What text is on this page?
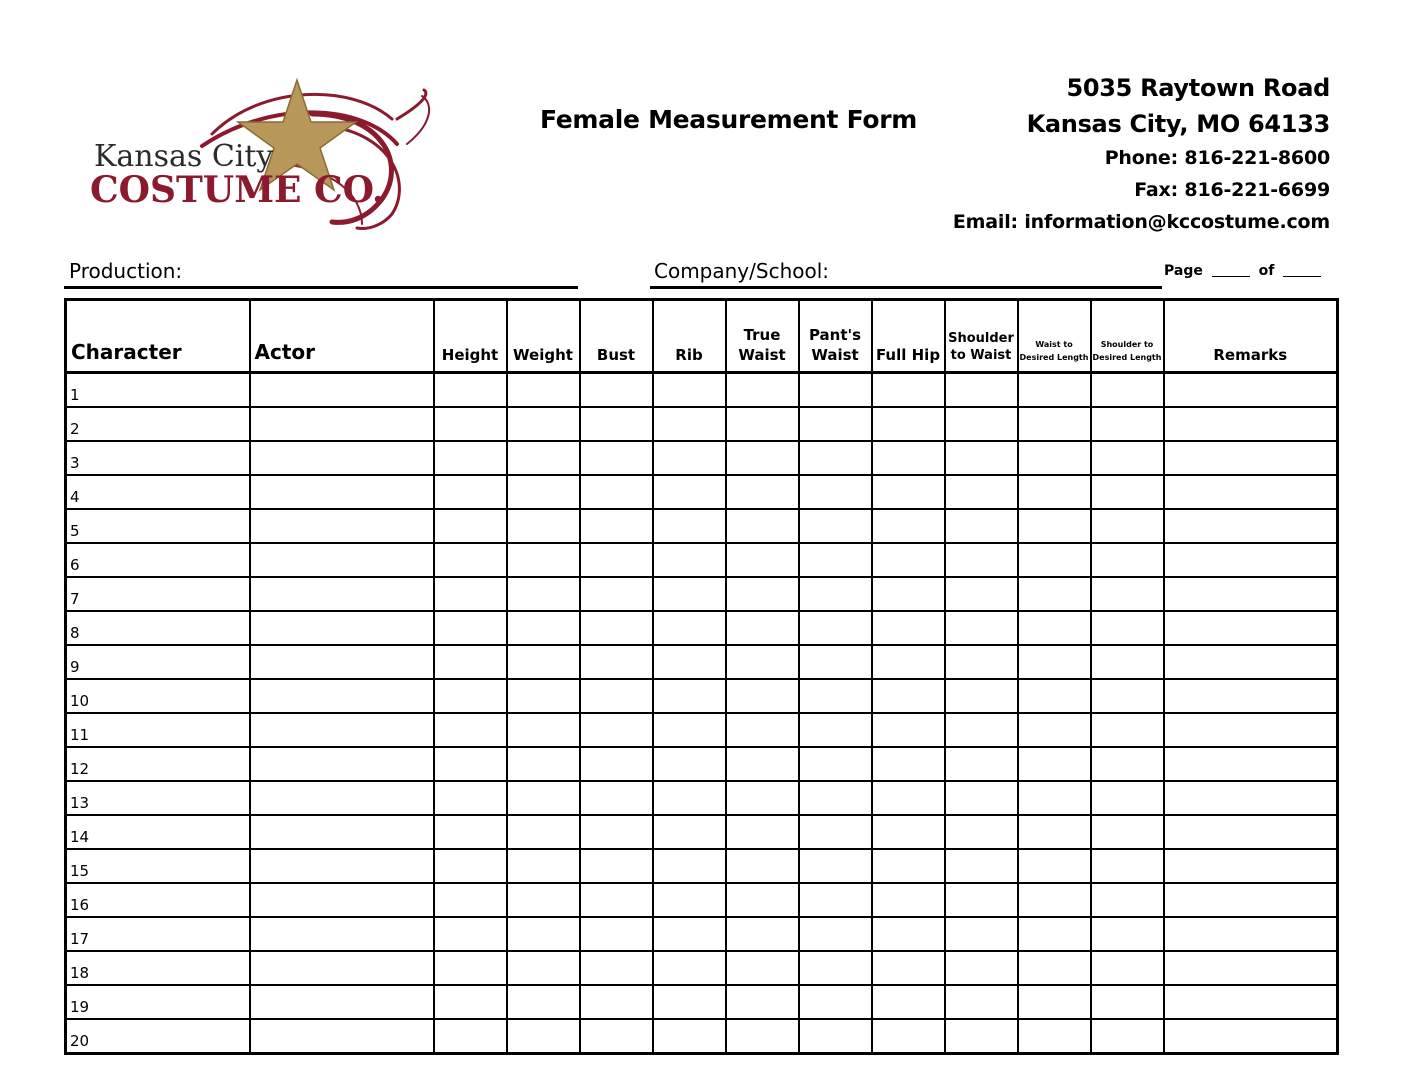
Kansas City
COSTUME CO.
Female Measurement Form
5035 Raytown Road
Kansas City, MO 64133
Phone: 816-221-8600
Fax: 816-221-6699
Email: information@kccostume.com
Production:	Company/School:	Page	of
Character	Actor	Height	Weight	Bust	Rib	True Waist	Pant's Waist	Full Hip	Shoulder to Waist	Waist to Desired Length	Shoulder to Desired Length	Remarks
1												
2												
3												
4												
5												
6												
7												
8												
9												
10												
11												
12												
13												
14												
15												
16												
17												
18												
19												
20												
